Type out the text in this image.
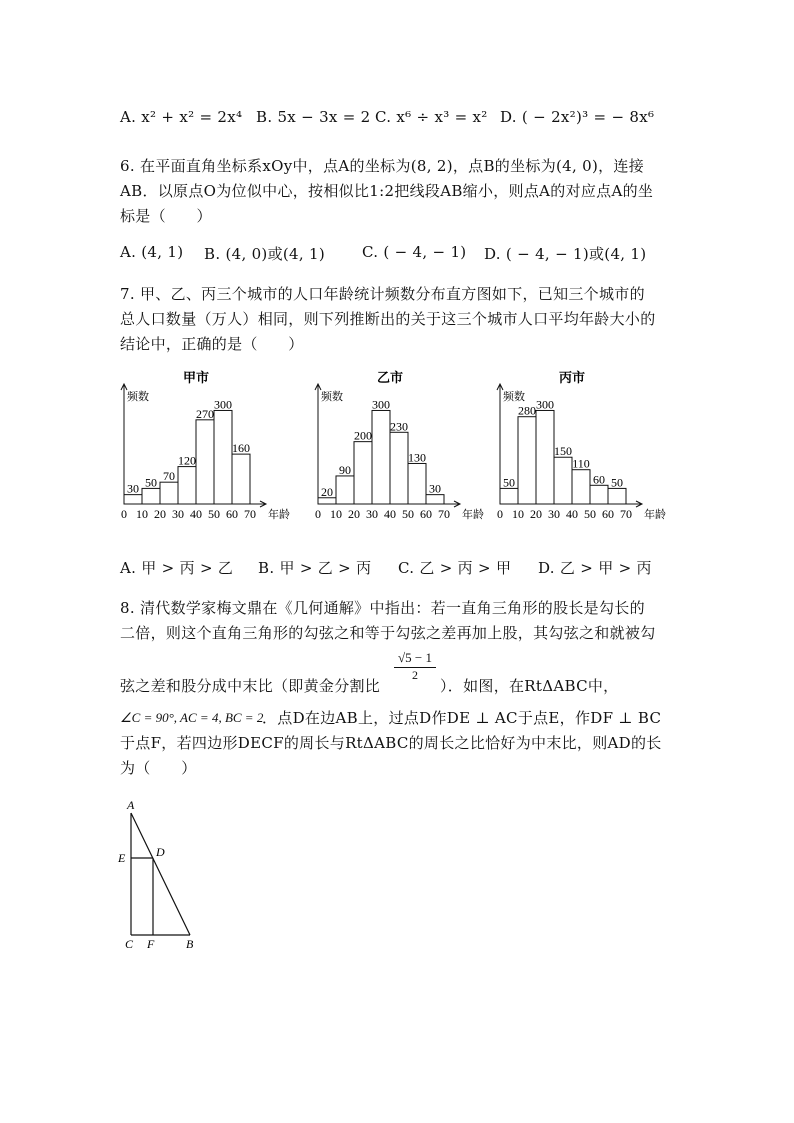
A. x² + x² = 2x⁴ B. 5x − 3x = 2 C. x⁶ ÷ x³ = x² D. ( − 2x²)³ = − 8x⁶
6. 在平面直角坐标系xOy中，点A的坐标为(8, 2)，点B的坐标为(4, 0)，连接
AB．以原点O为位似中心，按相似比1:2把线段AB缩小，则点A的对应点A的坐
标是（　　）
A. (4, 1) B. (4, 0)或(4, 1) C. ( − 4, − 1) D. ( − 4, − 1)或(4, 1)
7. 甲、乙、丙三个城市的人口年龄统计频数分布直方图如下，已知三个城市的
总人口数量（万人）相同，则下列推断出的关于这三个城市人口平均年龄大小的
结论中，正确的是（　　）
甲市
频数
30 50 70
120
270
300
160
0 10 20 30 40 50 60 70 年龄
乙市
频数
20
90
200
300
230
130
30
0 10 20 30 40 50 60 70 年龄
丙市
频数
50
280 300
150
110
60 50
0 10 20 30 40 50 60 70 年龄
A. 甲 > 丙 > 乙 B. 甲 > 乙 > 丙 C. 乙 > 丙 > 甲 D. 乙 > 甲 > 丙
8. 清代数学家梅文鼎在《几何通解》中指出：若一直角三角形的股长是勾长的
二倍，则这个直角三角形的勾弦之和等于勾弦之差再加上股，其勾弦之和就被勾
弦之差和股分成中末比（即黄金分割比
√5 − 1
2
）．如图，在RtΔABC中，
∠C = 90°, AC = 4, BC = 2
．点D在边AB上，过点D作DE ⊥ AC于点E，作DF ⊥ BC
于点F，若四边形DECF的周长与RtΔABC的周长之比恰好为中末比，则AD的长
为（　　）
A
E	D
C F	B
